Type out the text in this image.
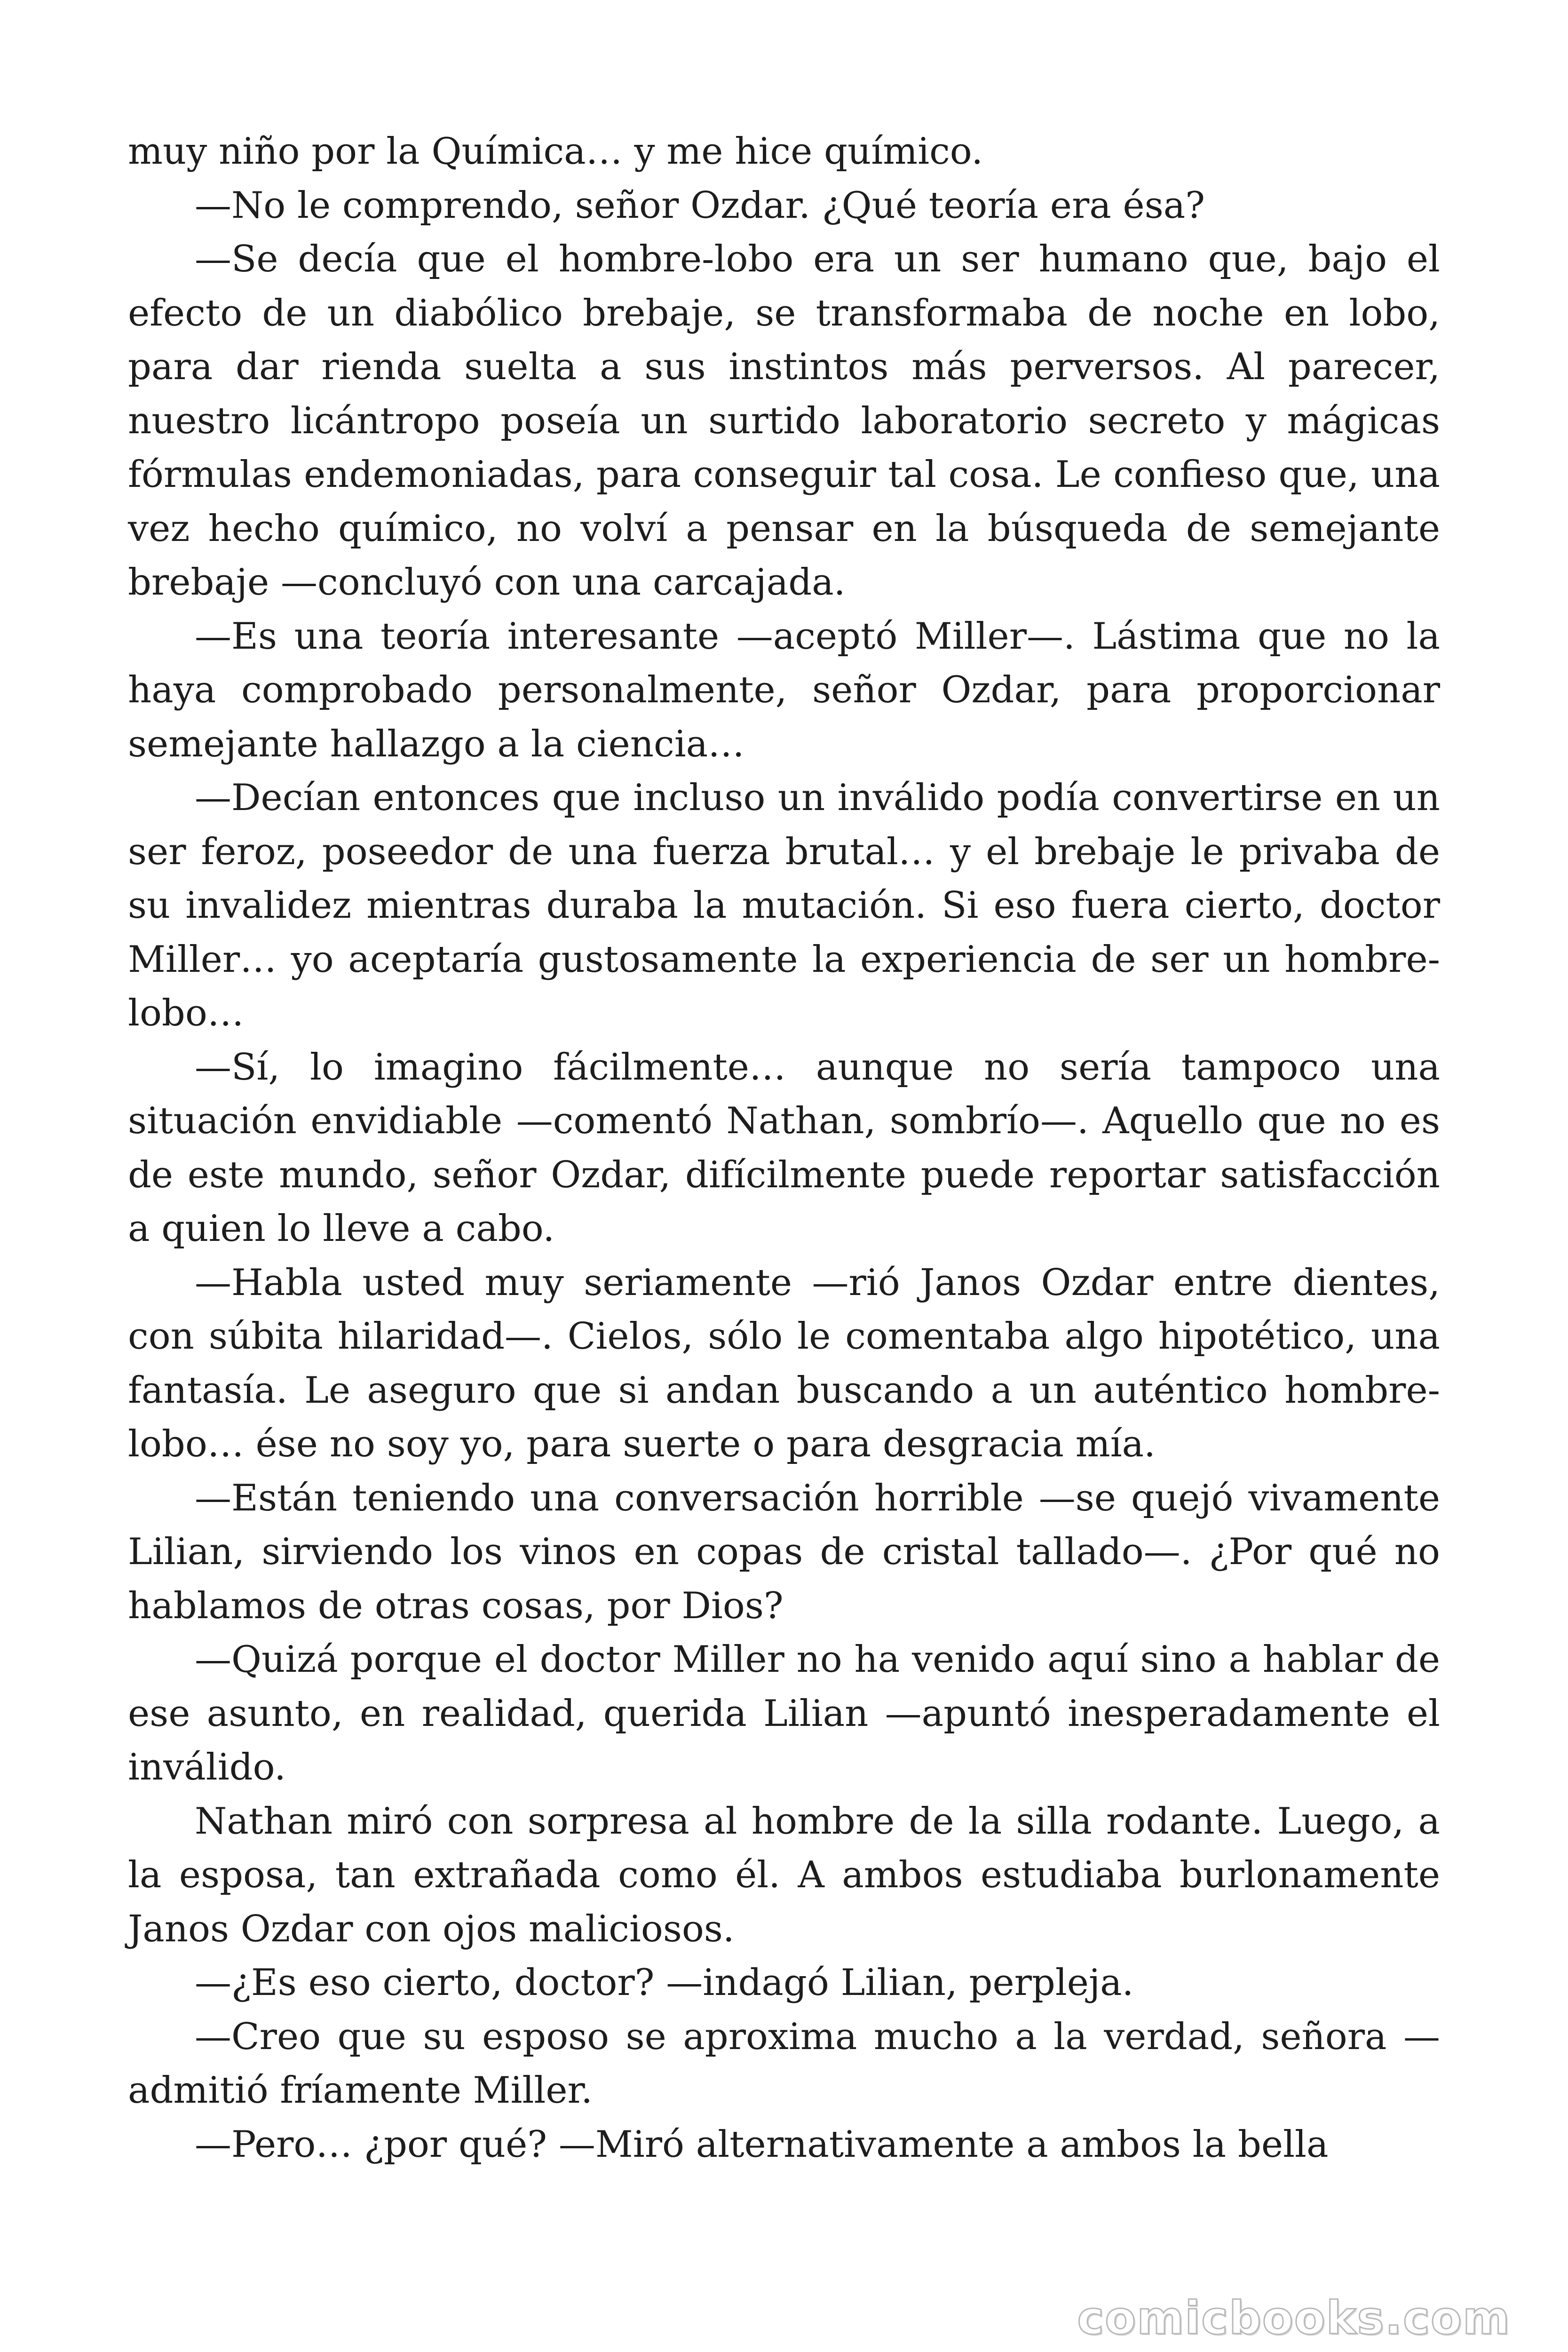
muy niño por la Química… y me hice químico.

—No le comprendo, señor Ozdar. ¿Qué teoría era ésa?

—Se decía que el hombre-lobo era un ser humano que, bajo el efecto de un diabólico brebaje, se transformaba de noche en lobo, para dar rienda suelta a sus instintos más perversos. Al parecer, nuestro licántropo poseía un surtido laboratorio secreto y mágicas fórmulas endemoniadas, para conseguir tal cosa. Le confieso que, una vez hecho químico, no volví a pensar en la búsqueda de semejante brebaje —concluyó con una carcajada.

—Es una teoría interesante —aceptó Miller—. Lástima que no la haya comprobado personalmente, señor Ozdar, para proporcionar semejante hallazgo a la ciencia…

—Decían entonces que incluso un inválido podía convertirse en un ser feroz, poseedor de una fuerza brutal… y el brebaje le privaba de su invalidez mientras duraba la mutación. Si eso fuera cierto, doctor Miller… yo aceptaría gustosamente la experiencia de ser un hombre-lobo…

—Sí, lo imagino fácilmente… aunque no sería tampoco una situación envidiable —comentó Nathan, sombrío—. Aquello que no es de este mundo, señor Ozdar, difícilmente puede reportar satisfacción a quien lo lleve a cabo.

—Habla usted muy seriamente —rió Janos Ozdar entre dientes, con súbita hilaridad—. Cielos, sólo le comentaba algo hipotético, una fantasía. Le aseguro que si andan buscando a un auténtico hombre-lobo… ése no soy yo, para suerte o para desgracia mía.

—Están teniendo una conversación horrible —se quejó vivamente Lilian, sirviendo los vinos en copas de cristal tallado—. ¿Por qué no hablamos de otras cosas, por Dios?

—Quizá porque el doctor Miller no ha venido aquí sino a hablar de ese asunto, en realidad, querida Lilian —apuntó inesperadamente el inválido.

Nathan miró con sorpresa al hombre de la silla rodante. Luego, a la esposa, tan extrañada como él. A ambos estudiaba burlonamente Janos Ozdar con ojos maliciosos.

—¿Es eso cierto, doctor? —indagó Lilian, perpleja.

—Creo que su esposo se aproxima mucho a la verdad, señora —admitió fríamente Miller.

—Pero… ¿por qué? —Miró alternativamente a ambos la bella

comicbooks.com
